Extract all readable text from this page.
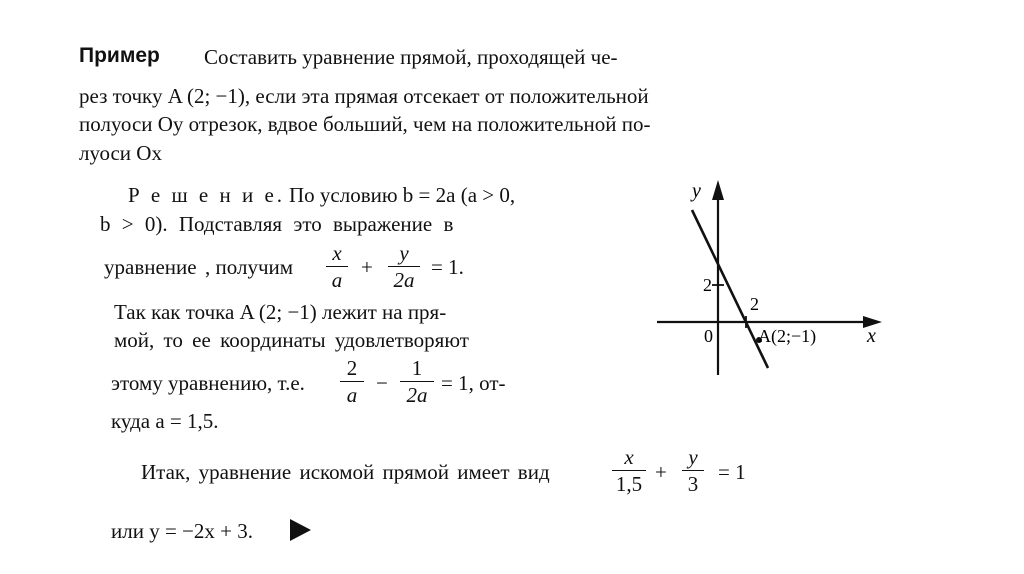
Пример Составить уравнение прямой, проходящей че-
рез точку A (2; −1), если эта прямая отсекает от положительной
полуоси Oy отрезок, вдвое больший, чем на положительной по-
луоси Ox
Р е ш е н и е. По условию b = 2a (a > 0,
b > 0). Подставляя это выражение в
уравнение , получим
x
a
+
y
2a
= 1.
Так как точка A (2; −1) лежит на пря-
мой, то ее координаты удовлетворяют
этому уравнению, т.е.
2
a −
1
2a = 1, от-
куда a = 1,5.
Итак, уравнение искомой прямой имеет вид
x
1,5 +
y
3 = 1
или y = −2x + 3.
y
x
0
2
2
A(2;−1)
